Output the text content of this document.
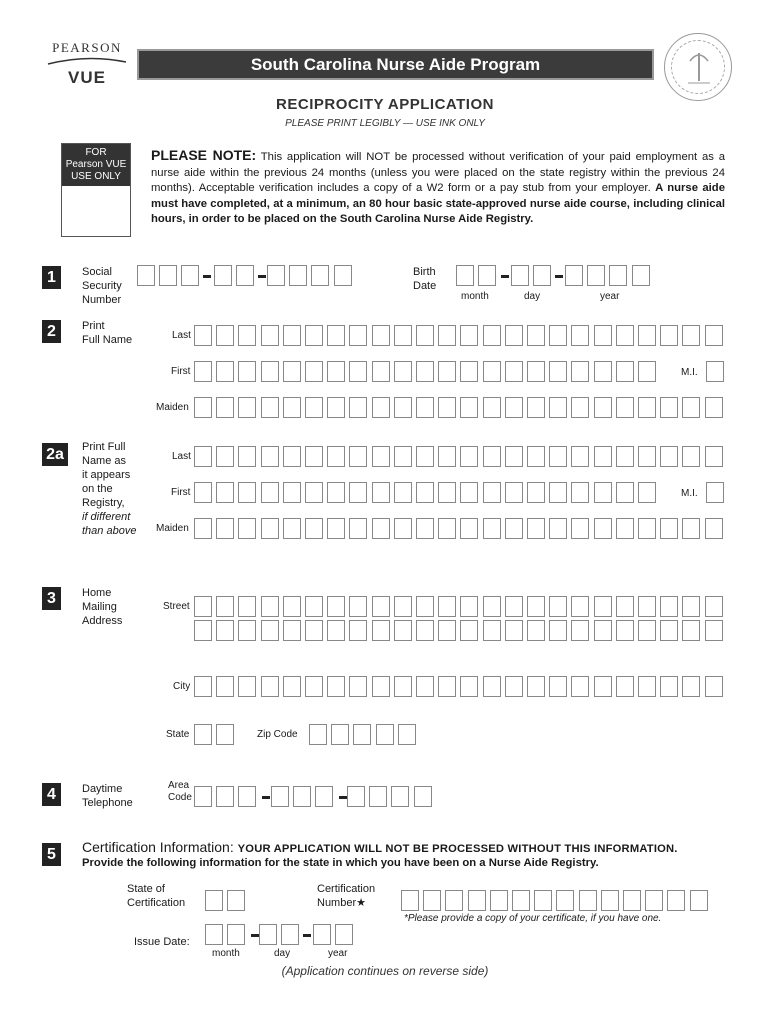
PEARSON
VUE
South Carolina Nurse Aide Program
RECIPROCITY APPLICATION
PLEASE PRINT LEGIBLY — USE INK ONLY
FOR
Pearson VUE
USE ONLY
PLEASE NOTE: This application will NOT be processed without verification of your paid employment as a nurse aide within the previous 24 months (unless you were placed on the state registry within the previous 24 months). Acceptable verification includes a copy of a W2 form or a pay stub from your employer. A nurse aide must have completed, at a minimum, an 80 hour basic state-approved nurse aide course, including clinical hours, in order to be placed on the South Carolina Nurse Aide Registry.
1
2
2a
3
4
5
Social
Security
Number
Birth
Date
month	day	year
Print
Full Name	Last
First	M.I.
Maiden
Print Full
Name as
it appears
on the
Registry,
if different
than above
Last
First	M.I.
Maiden
Home
Mailing
Address
Street
City
State	Zip Code
Daytime
Telephone
Area
Code
Certification Information: YOUR APPLICATION WILL NOT BE PROCESSED WITHOUT THIS INFORMATION.
Provide the following information for the state in which you have been on a Nurse Aide Registry.
State of
Certification
Certification
Number★
*Please provide a copy of your certificate, if you have one.
Issue Date:
month	day	year
(Application continues on reverse side)
